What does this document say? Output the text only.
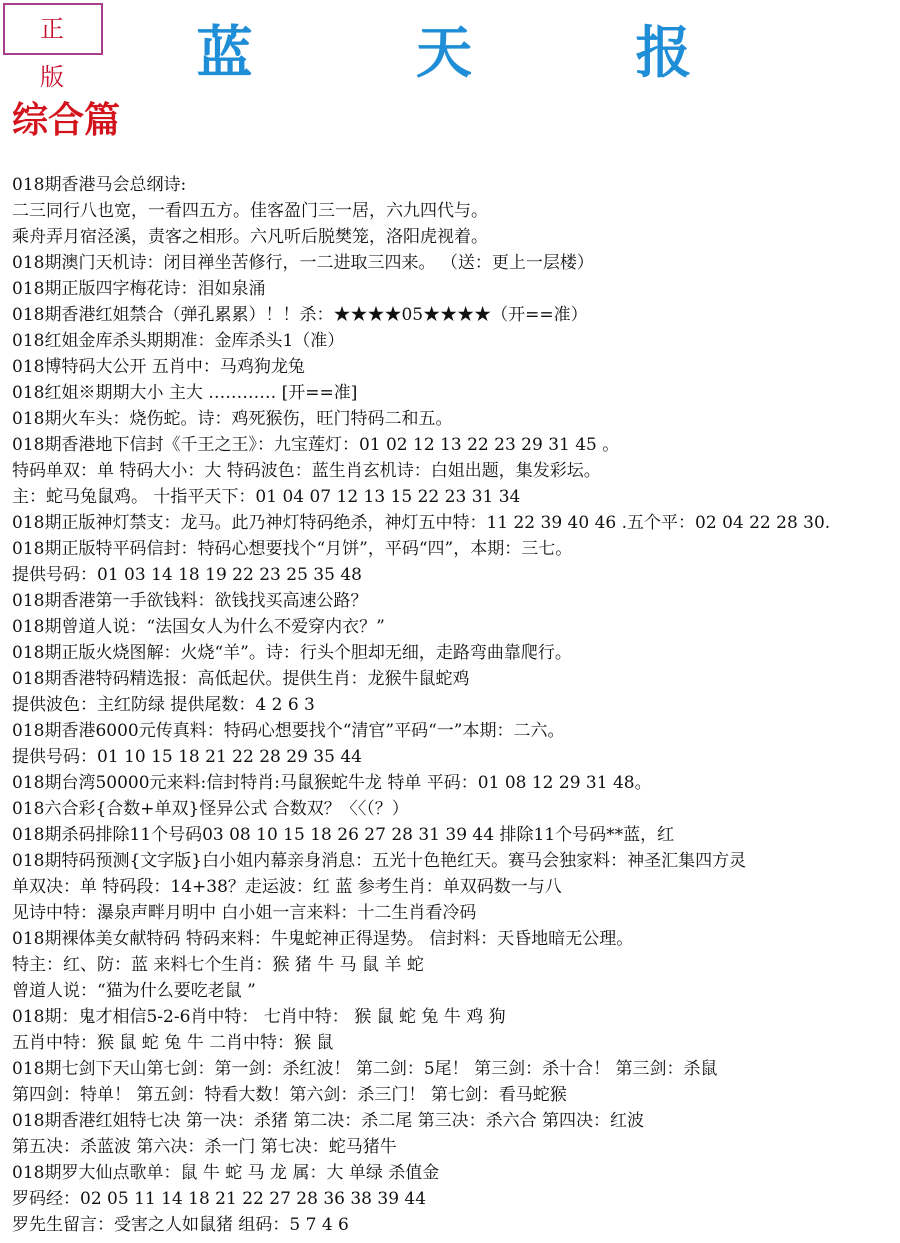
正 版	蓝 天 报
综合篇
018期香港马会总纲诗:
二三同行八也宽，一看四五方。佳客盈门三一居，六九四代与。
乘舟弄月宿泾溪，责客之相形。六凡听后脱樊笼，洛阳虎视着。
018期澳门天机诗：闭目禅坐苦修行，一二进取三四来。 （送：更上一层楼）
018期正版四字梅花诗：泪如泉涌
018期香港红姐禁合（弹孔累累）！！杀：★★★★05★★★★（开==准）
018红姐金库杀头期期准：金库杀头1（准）
018博特码大公开 五肖中：马鸡狗龙兔
018红姐※期期大小 主大 ………… [开==准]
018期火车头：烧伤蛇。诗：鸡死猴伤，旺门特码二和五。
018期香港地下信封《千王之王》：九宝莲灯：01 02 12 13 22 23 29 31 45 。
特码单双：单 特码大小：大 特码波色：蓝生肖玄机诗：白姐出题，集发彩坛。
主：蛇马兔鼠鸡。 十指平天下：01 04 07 12 13 15 22 23 31 34
018期正版神灯禁支：龙马。此乃神灯特码绝杀，神灯五中特：11 22 39 40 46 .五个平：02 04 22 28 30.
018期正版特平码信封：特码心想要找个“月饼”，平码“四”，本期：三七。
提供号码：01 03 14 18 19 22 23 25 35 48
018期香港第一手欲钱料：欲钱找买高速公路？
018期曾道人说：“法国女人为什么不爱穿内衣？”
018期正版火烧图解：火烧“羊”。诗：行头个胆却无细，走路弯曲靠爬行。
018期香港特码精选报：高低起伏。提供生肖：龙猴牛鼠蛇鸡
提供波色：主红防绿 提供尾数：4 2 6 3
018期香港6000元传真料：特码心想要找个“清官”平码“一”本期：二六。
提供号码：01 10 15 18 21 22 28 29 35 44
018期台湾50000元来料:信封特肖:马鼠猴蛇牛龙 特单 平码：01 08 12 29 31 48。
018六合彩{合数+单双}怪异公式 合数双？〈〈（？）
018期杀码排除11个号码03 08 10 15 18 26 27 28 31 39 44 排除11个号码**蓝，红
018期特码预测{文字版}白小姐内幕亲身消息：五光十色艳红天。赛马会独家料：神圣汇集四方灵
单双决：单 特码段：14+38？走运波：红 蓝 参考生肖：单双码数一与八
见诗中特：瀑泉声畔月明中 白小姐一言来料：十二生肖看冷码
018期裸体美女献特码 特码来料：牛鬼蛇神正得逞势。 信封料：天昏地暗无公理。
特主：红、防：蓝 来料七个生肖：猴 猪 牛 马 鼠 羊 蛇
曾道人说：“猫为什么要吃老鼠 ”
018期：鬼才相信5-2-6肖中特： 七肖中特： 猴 鼠 蛇 兔 牛 鸡 狗
五肖中特：猴 鼠 蛇 兔 牛 二肖中特：猴 鼠
018期七剑下天山第七剑：第一剑：杀红波！ 第二剑：5尾！ 第三剑：杀十合！ 第三剑：杀鼠
第四剑：特单！ 第五剑：特看大数！第六剑：杀三门！ 第七剑：看马蛇猴
018期香港红姐特七决 第一决：杀猪 第二决：杀二尾 第三决：杀六合 第四决：红波
第五决：杀蓝波 第六决：杀一门 第七决：蛇马猪牛
018期罗大仙点歌单：鼠 牛 蛇 马 龙 属：大 单绿 杀值金
罗码经：02 05 11 14 18 21 22 27 28 36 38 39 44
罗先生留言：受害之人如鼠猪 组码：5 7 4 6
